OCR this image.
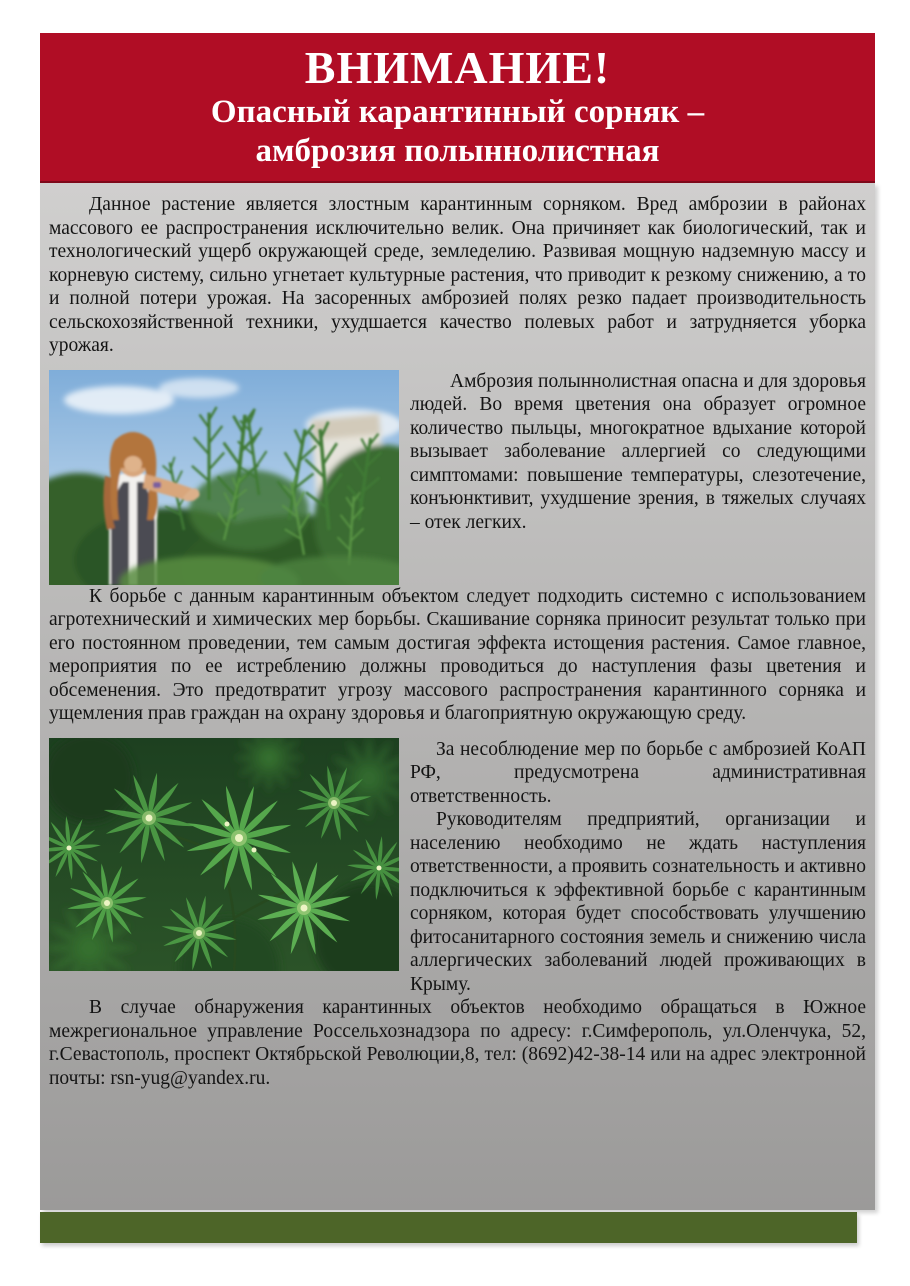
ВНИМАНИЕ!
Опасный карантинный сорняк –
амброзия полыннолистная

Данное растение является злостным карантинным сорняком. Вред амброзии в районах массового ее распространения исключительно велик. Она причиняет как биологический, так и технологический ущерб окружающей среде, земледелию. Развивая мощную надземную массу и корневую систему, сильно угнетает культурные растения, что приводит к резкому снижению, а то и полной потери урожая. На засоренных амброзией полях резко падает производительность сельскохозяйственной техники, ухудшается качество полевых работ и затрудняется уборка урожая.

Амброзия полыннолистная опасна и для здоровья людей. Во время цветения она образует огромное количество пыльцы, многократное вдыхание которой вызывает заболевание аллергией со следующими симптомами: повышение температуры, слезотечение, конъюнктивит, ухудшение зрения, в тяжелых случаях – отек легких.

К борьбе с данным карантинным объектом следует подходить системно с использованием агротехнический и химических мер борьбы. Скашивание сорняка приносит результат только при его постоянном проведении, тем самым достигая эффекта истощения растения. Самое главное, мероприятия по ее истреблению должны проводиться до наступления фазы цветения и обсеменения. Это предотвратит угрозу массового распространения карантинного сорняка и ущемления прав граждан на охрану здоровья и благоприятную окружающую среду.

За несоблюдение мер по борьбе с амброзией КоАП РФ, предусмотрена административная ответственность.

Руководителям предприятий, организации и населению необходимо не ждать наступления ответственности, а проявить сознательность и активно подключиться к эффективной борьбе с карантинным сорняком, которая будет способствовать улучшению фитосанитарного состояния земель и снижению числа аллергических заболеваний людей проживающих в Крыму.

В случае обнаружения карантинных объектов необходимо обращаться в Южное межрегиональное управление Россельхознадзора по адресу: г.Симферополь, ул.Оленчука, 52, г.Севастополь, проспект Октябрьской Революции,8, тел: (8692)42-38-14 или на адрес электронной почты: rsn-yug@yandex.ru.
